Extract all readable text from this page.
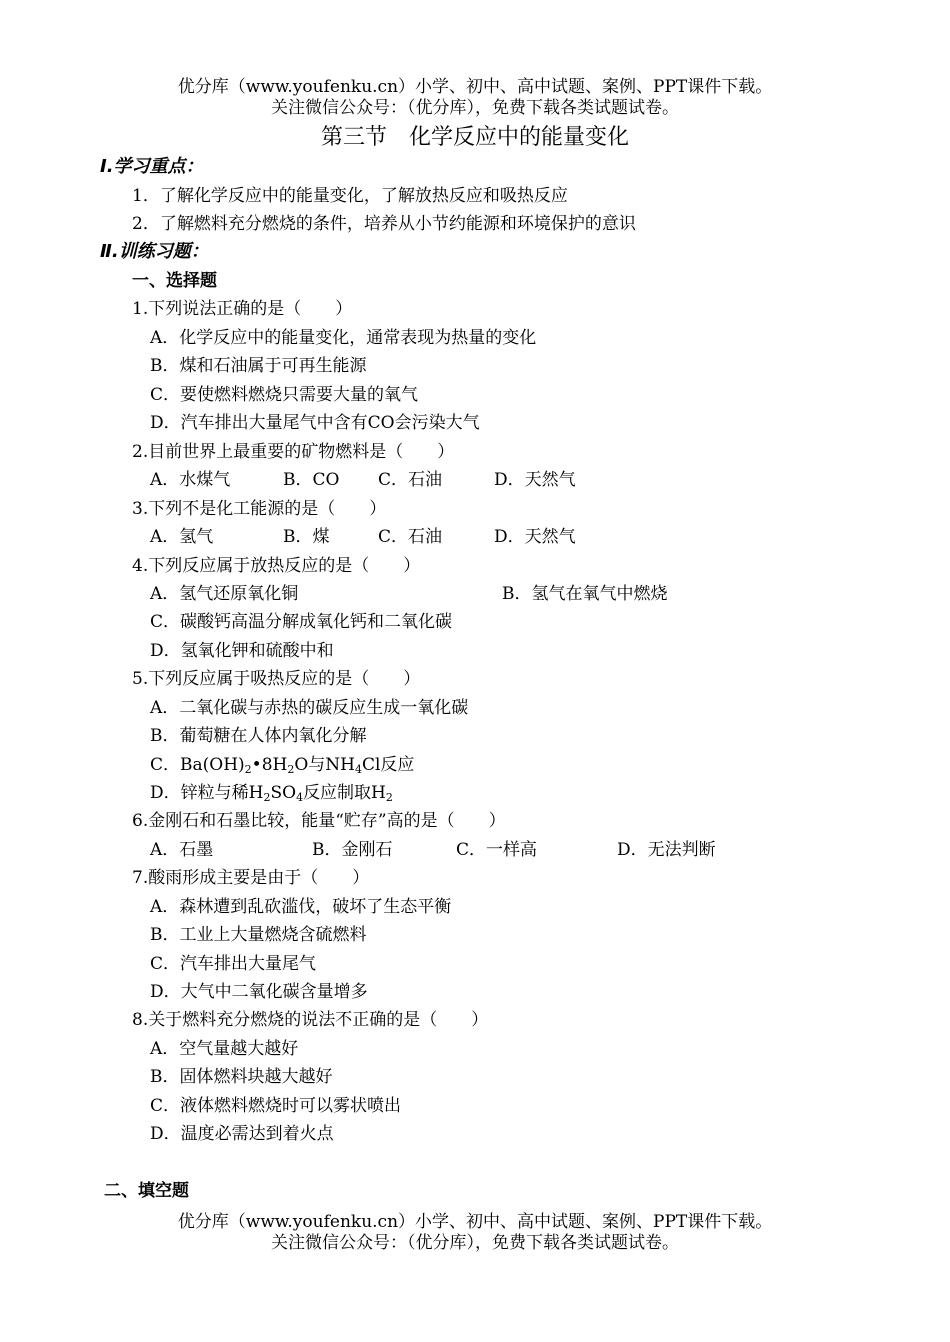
优分库（www.youfenku.cn）小学、初中、高中试题、案例、PPT课件下载。
关注微信公众号：（优分库），免费下载各类试题试卷。
第三节　化学反应中的能量变化
Ⅰ.学习重点：
1．了解化学反应中的能量变化，了解放热反应和吸热反应
2．了解燃料充分燃烧的条件，培养从小节约能源和环境保护的意识
Ⅱ.训练习题：
一、选择题
1.下列说法正确的是（　　）
A．化学反应中的能量变化，通常表现为热量的变化
B．煤和石油属于可再生能源
C．要使燃料燃烧只需要大量的氧气
D．汽车排出大量尾气中含有CO会污染大气
2.目前世界上最重要的矿物燃料是（　　）
A．水煤气	B．CO C．石油	D．天然气
3.下列不是化工能源的是（　　）
A．氢气	B．煤	C．石油	D．天然气
4.下列反应属于放热反应的是（　　）
A．氢气还原氧化铜	B．氢气在氧气中燃烧
C．碳酸钙高温分解成氧化钙和二氧化碳
D．氢氧化钾和硫酸中和
5.下列反应属于吸热反应的是（　　）
A．二氧化碳与赤热的碳反应生成一氧化碳
B．葡萄糖在人体内氧化分解
C．$Ba(OH)_2•8H_2O$与$NH_4Cl$反应
D．锌粒与稀$H_2SO_4$反应制取$H_2$
6.金刚石和石墨比较，能量“贮存”高的是（　　）
A．石墨	B．金刚石	C．一样高	D．无法判断
7.酸雨形成主要是由于（　　）
A．森林遭到乱砍滥伐，破坏了生态平衡
B．工业上大量燃烧含硫燃料
C．汽车排出大量尾气
D．大气中二氧化碳含量增多
8.关于燃料充分燃烧的说法不正确的是（　　）
A．空气量越大越好
B．固体燃料块越大越好
C．液体燃料燃烧时可以雾状喷出
D．温度必需达到着火点
二、填空题
优分库（www.youfenku.cn）小学、初中、高中试题、案例、PPT课件下载。
关注微信公众号：（优分库），免费下载各类试题试卷。
